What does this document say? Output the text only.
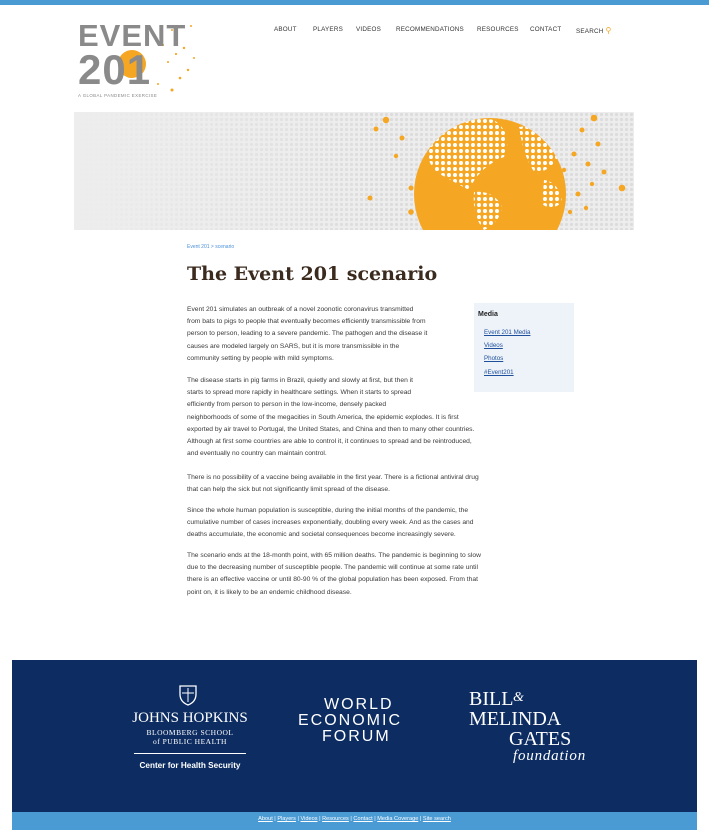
EVENT
201
A GLOBAL PANDEMIC EXERCISE
ABOUT	PLAYERS VIDEOS RECOMMENDATIONS RESOURCES CONTACT SEARCH ⚲
Event 201 > scenario
The Event 201 scenario
Event 201 simulates an outbreak of a novel zoonotic coronavirus transmitted
from bats to pigs to people that eventually becomes efficiently transmissible from
person to person, leading to a severe pandemic. The pathogen and the disease it
causes are modeled largely on SARS, but it is more transmissible in the
community setting by people with mild symptoms.
The disease starts in pig farms in Brazil, quietly and slowly at first, but then it
starts to spread more rapidly in healthcare settings. When it starts to spread
efficiently from person to person in the low-income, densely packed
neighborhoods of some of the megacities in South America, the epidemic explodes. It is first
exported by air travel to Portugal, the United States, and China and then to many other countries.
Although at first some countries are able to control it, it continues to spread and be reintroduced,
and eventually no country can maintain control.
There is no possibility of a vaccine being available in the first year. There is a fictional antiviral drug
that can help the sick but not significantly limit spread of the disease.
Since the whole human population is susceptible, during the initial months of the pandemic, the
cumulative number of cases increases exponentially, doubling every week. And as the cases and
deaths accumulate, the economic and societal consequences become increasingly severe.
The scenario ends at the 18-month point, with 65 million deaths. The pandemic is beginning to slow
due to the decreasing number of susceptible people. The pandemic will continue at some rate until
there is an effective vaccine or until 80-90 % of the global population has been exposed. From that
point on, it is likely to be an endemic childhood disease.
Media
Event 201 Media
Videos
Photos
#Event201
JOHNS HOPKINS
BLOOMBERG SCHOOL
of PUBLIC HEALTH
Center for Health Security
WORLD
ECONOMIC
FORUM
BILL &
MELINDA
GATES
foundation
About | Players | Videos | Resources | Contact | Media Coverage | Site search
